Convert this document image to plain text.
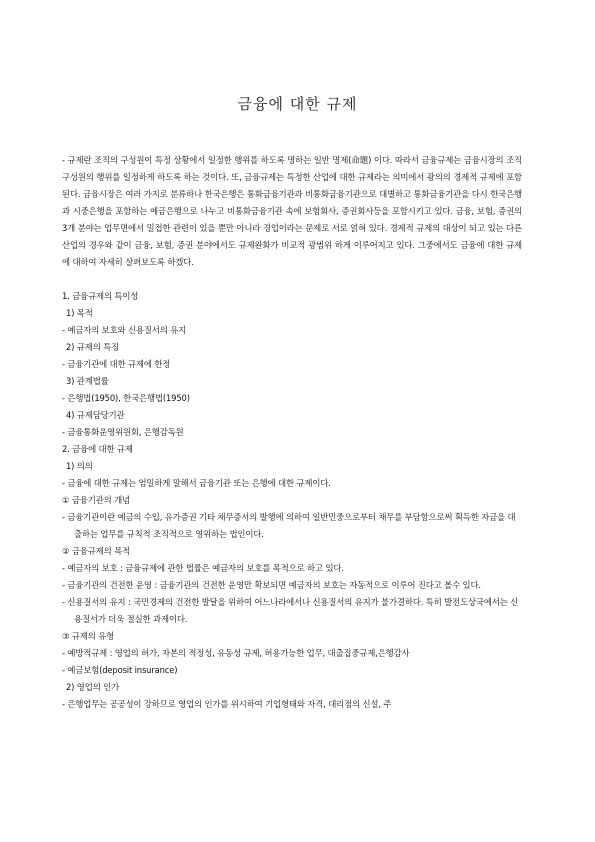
금융에 대한 규제

- 규제란 조직의 구성원이 특정 상황에서 일정한 행위를 하도록 명하는 일반 명제(命題) 이다. 따라서 금융규제는 금융시장의 조직구성원의 행위를 일정하게 하도록 하는 것이다. 또, 금융규제는 특정한 산업에 대한 규제라는 의미에서 광의의 경제적 규제에 포함된다. 금융시장은 여러 가지로 분류하나 한국은행은 통화금융기관과 비통화금융기관으로 대별하고 통화금융기관을 다시 한국은행과 시중은행을 포함하는 예금은행으로 나누고 비통화금융기관 속에 보험회사, 증권회사등을 포함시키고 있다. 금융, 보험, 증권의 3개 분야는 업무면에서 밀접한 관련이 있을 뿐만 아니라 경업이라는 문제로 서로 얽혀 있다. 경제적 규제의 대상이 되고 있는 다른 산업의 경우와 같이 금융, 보험, 증권 분야에서도 규제완화가 비교적 광범위 하게 이루어지고 있다. 그중에서도 금융에 대한 규제에 대하여 자세히 살펴보도록 하겠다.

1. 금융규제의 특이성
1) 목적
- 예금자의 보호와 신용질서의 유지
2) 규제의 특징
- 금융기관에 대한 규제에 한정
3) 관계법률
- 은행법(1950), 한국은행법(1950)
4) 규제담당기관
- 금융통화운영위원회, 은행감독원
2. 금융에 대한 규제
1) 의의
- 금융에 대한 규제는 엄밀하게 말해서 금융기관 또는 은행에 대한 규제이다.
① 금융기관의 개념
- 금융기관이란 예금의 수입, 유가증권 기타 채무증서의 발행에 의하여 일반민중으로부터 채무를 부담함으로써 획득한 자금을 대출하는 업무를 규칙적 조직적으로 영위하는 법인이다.
② 금융규제의 목적
- 예금자의 보호 : 금융규제에 관한 법률은 예금자의 보호를 목적으로 하고 있다.
- 금융기관의 건전한 운영 : 금융기관의 건전한 운영만 확보되면 예금자의 보호는 자동적으로 이루어 진다고 볼수 있다.
- 신용질서의 유지 : 국민경제의 건전한 발달을 위하여 어느나라에서나 신용질서의 유지가 불가결하다. 특히 발전도상국에서는 신용질서가 더욱 절실한 과제이다.
③ 규제의 유형
- 예방적규제 : 영업의 허가, 자본의 적정성, 유동성 규제, 허용가능한 업무, 대출집중규제,은행감사
- 예금보험(deposit insurance)
2) 영업의 인가
- 은행업무는 공공성이 강하므로 영업의 인가를 위시하여 기업형태와 자격, 대리점의 신설, 주
